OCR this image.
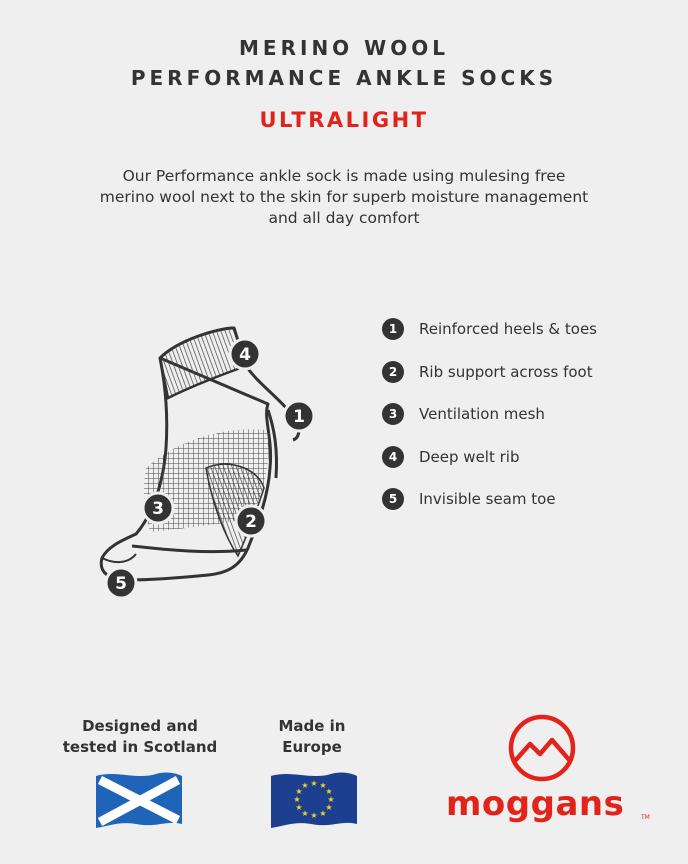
MERINO WOOL
PERFORMANCE ANKLE SOCKS
ULTRALIGHT
Our Performance ankle sock is made using mulesing free merino wool next to the skin for superb moisture management and all day comfort
4
1
3
2
5
1	Reinforced heels & toes
2	Rib support across foot
3	Ventilation mesh
4	Deep welt rib
5	Invisible seam toe
Designed and
tested in Scotland
Made in
Europe
★ ★
★
★
★
★
★
★
★
★
★
★	moggans	TM
